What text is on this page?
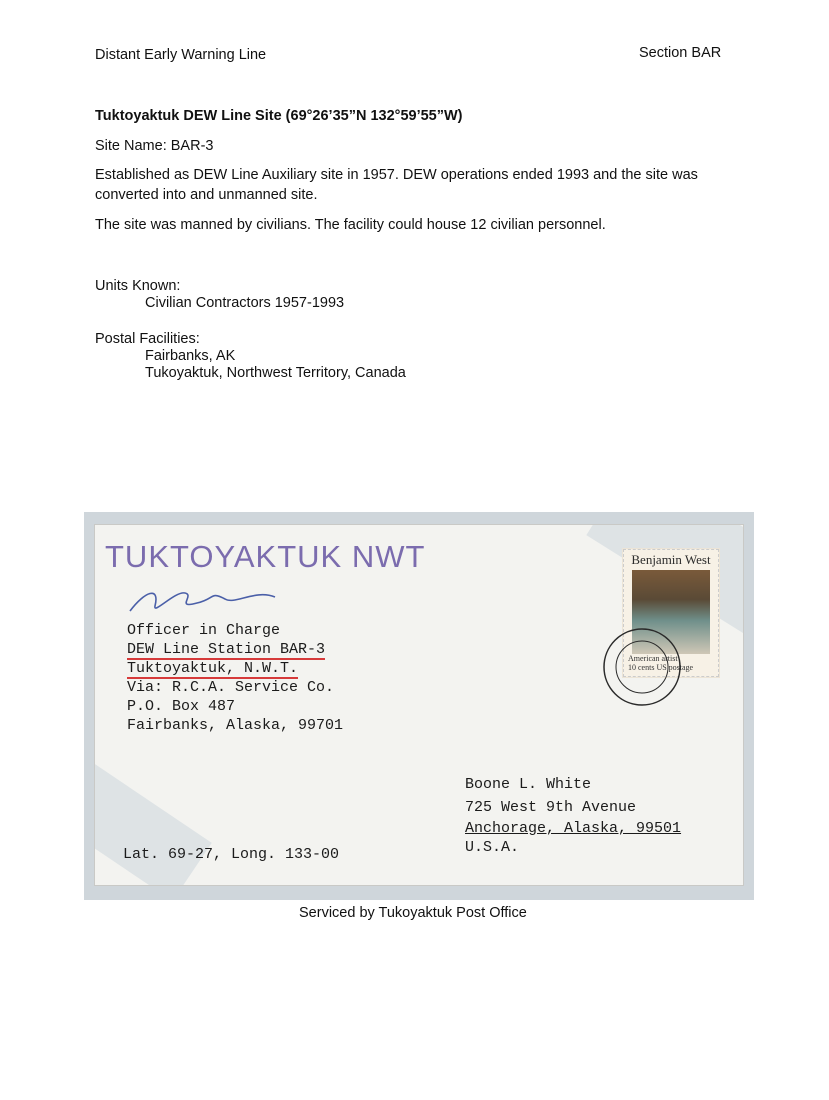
Distant Early Warning Line	Section BAR
Tuktoyaktuk DEW Line Site (69°26’35”N 132°59’55”W)
Site Name: BAR-3
Established as DEW Line Auxiliary site in 1957. DEW operations ended 1993 and the site was
converted into and unmanned site.
The site was manned by civilians. The facility could house 12 civilian personnel.
Units Known:
Civilian Contractors 1957-1993
Postal Facilities:
Fairbanks, AK
Tukoyaktuk, Northwest Territory, Canada
TUKTOYAKTUK NWT
Officer in Charge
DEW Line Station BAR-3
Tuktoyaktuk, N.W.T.
Via: R.C.A. Service Co.
P.O. Box 487
Fairbanks, Alaska, 99701
Benjamin West
American artist
10 cents US postage
Boone L. White
725 West 9th Avenue
Anchorage, Alaska, 99501
U.S.A.
Lat. 69-27, Long. 133-00
Serviced by Tukoyaktuk Post Office
